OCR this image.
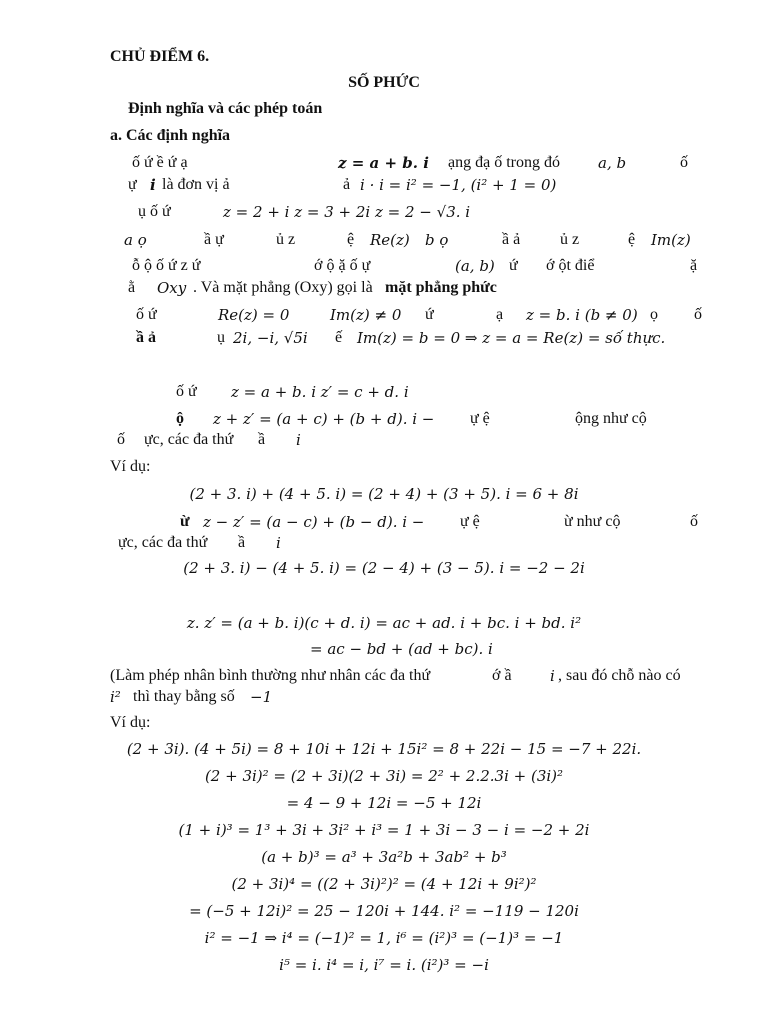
CHỦ ĐIỂM 6.
SỐ PHỨC
Định nghĩa và các phép toán
a. Các định nghĩa
ố ứ ề ứ ạ	z = a + b. i ạng đạ ố trong đó	a, b	ố
ự i là đơn vị ả	ả i · i = i² = −1, (i² + 1 = 0)
ụ ố ứ	z = 2 + i z = 3 + 2i z = 2 − √3. i
a ọ	ầ ự	ủ z	ệ Re(z) b ọ	ầ ả ủ z	ệ Im(z)
ỗ ộ ố ứ z ứ	ớ ộ ặ ố ự	(a, b) ứ ớ ột điể	ặ
ằ Oxy . Và mặt phẳng (Oxy) gọi là mặt phẳng phức
ố ứ	Re(z) = 0	Im(z) ≠ 0 ứ	ạ z = b. i (b ≠ 0) ọ ố
ầ ả	ụ 2i, −i, √5i ế Im(z) = b = 0 ⇒ z = a = Re(z) = số thực.
ố ứ z = a + b. i z′ = c + d. i
ộ z + z′ = (a + c) + (b + d). i − ự ệ	ộng như cộ
ố ực, các đa thứ ầ i
Ví dụ:
(2 + 3. i) + (4 + 5. i) = (2 + 4) + (3 + 5). i = 6 + 8i
ừ z − z′ = (a − c) + (b − d). i − ự ệ	ừ như cộ	ố
ực, các đa thứ ầ i
(2 + 3. i) − (4 + 5. i) = (2 − 4) + (3 − 5). i = −2 − 2i
z. z′ = (a + b. i)(c + d. i) = ac + ad. i + bc. i + bd. i²
= ac − bd + (ad + bc). i
(Làm phép nhân bình thường như nhân các đa thứ	ớ ầ	i , sau đó chỗ nào có
i² thì thay bằng số −1
Ví dụ:
(2 + 3i). (4 + 5i) = 8 + 10i + 12i + 15i² = 8 + 22i − 15 = −7 + 22i.
(2 + 3i)² = (2 + 3i)(2 + 3i) = 2² + 2.2.3i + (3i)²
= 4 − 9 + 12i = −5 + 12i
(1 + i)³ = 1³ + 3i + 3i² + i³ = 1 + 3i − 3 − i = −2 + 2i
(a + b)³ = a³ + 3a²b + 3ab² + b³
(2 + 3i)⁴ = ((2 + 3i)²)² = (4 + 12i + 9i²)²
= (−5 + 12i)² = 25 − 120i + 144. i² = −119 − 120i
i² = −1 ⇒ i⁴ = (−1)² = 1, i⁶ = (i²)³ = (−1)³ = −1
i⁵ = i. i⁴ = i, i⁷ = i. (i²)³ = −i
